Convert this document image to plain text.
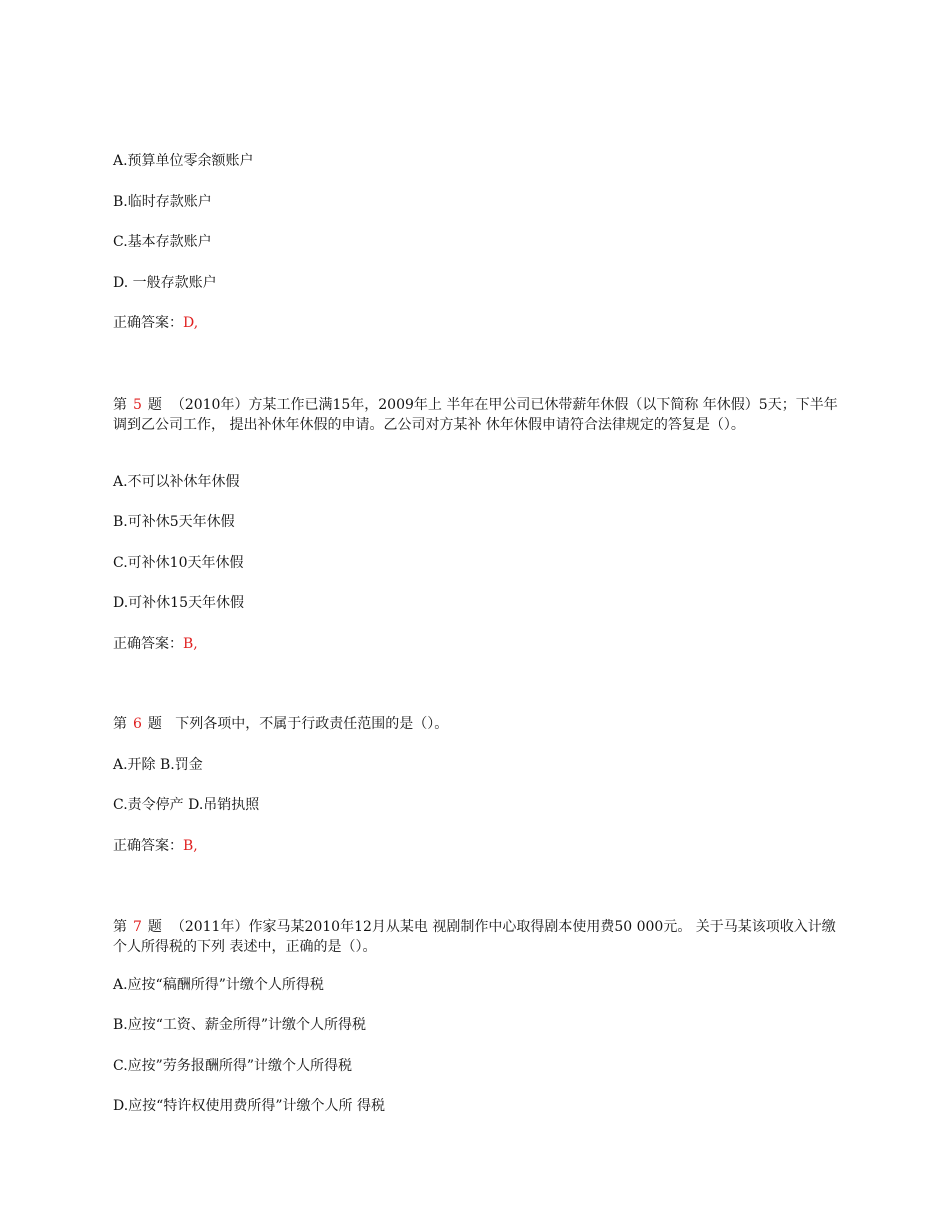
A.预算单位零余额账户
B.临时存款账户
C.基本存款账户
D. 一般存款账户
正确答案：D,
第 5 题 （2010年）方某工作已满15年，2009年上 半年在甲公司已休带薪年休假（以下简称 年休假）5天；下半年调到乙公司工作， 提出补休年休假的申请。乙公司对方某补 休年休假申请符合法律规定的答复是（）。
A.不可以补休年休假
B.可补休5天年休假
C.可补休10天年休假
D.可补休15天年休假
正确答案：B,
第 6 题 下列各项中，不属于行政责任范围的是（）。
A.开除 B.罚金
C.责令停产 D.吊销执照
正确答案：B,
第 7 题 （2011年）作家马某2010年12月从某电 视剧制作中心取得剧本使用费50 000元。 关于马某该项收入计缴个人所得税的下列 表述中，正确的是（）。
A.应按“稿酬所得”计缴个人所得税
B.应按“工资、薪金所得”计缴个人所得税
C.应按”劳务报酬所得”计缴个人所得税
D.应按“特许权使用费所得”计缴个人所 得税
